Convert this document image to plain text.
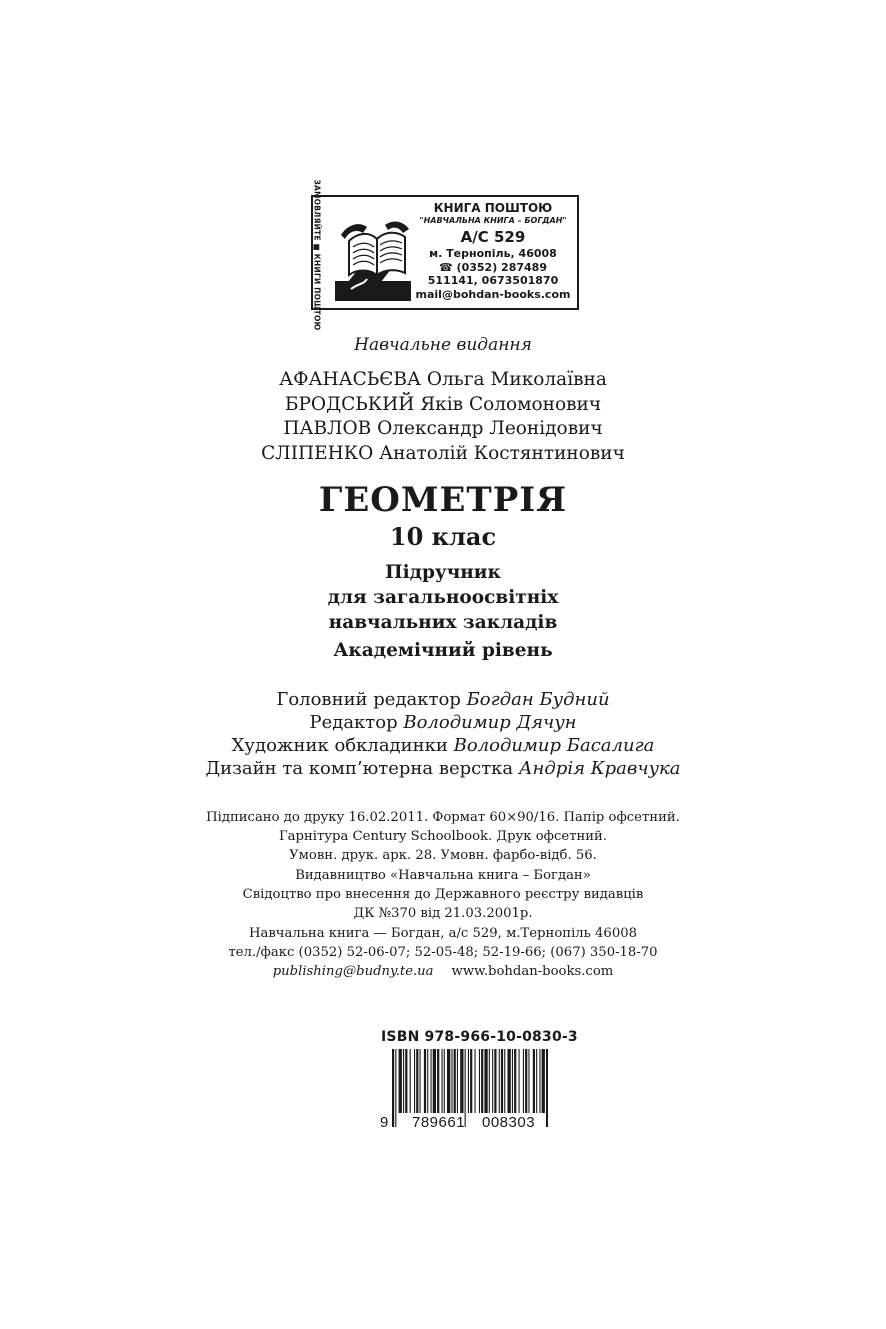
ЗАМОВЛЯЙТЕ ■ КНИГИ ПОШТОЮ	КНИГА ПОШТОЮ
"НАВЧАЛЬНА КНИГА – БОГДАН"
А/С 529
м. Тернопіль, 46008
☎ (0352) 287489
511141, 0673501870
mail@bohdan-books.com
Навчальне видання
АФАНАСЬЄВА Ольга Миколаївна
БРОДСЬКИЙ Яків Соломонович
ПАВЛОВ Олександр Леонідович
СЛІПЕНКО Анатолій Костянтинович
ГЕОМЕТРІЯ
10 клас
Підручник
для загальноосвітніх
навчальних закладів
Академічний рівень
Головний редактор Богдан Будний
Редактор Володимир Дячун
Художник обкладинки Володимир Басалига
Дизайн та комп’ютерна верстка Андрія Кравчука
Підписано до друку 16.02.2011. Формат 60×90/16. Папір офсетний.
Гарнітура Century Schoolbook. Друк офсетний.
Умовн. друк. арк. 28. Умовн. фарбо-відб. 56.
Видавництво «Навчальна книга – Богдан»
Свідоцтво про внесення до Державного реєстру видавців
ДК №370 від 21.03.2001р.
Навчальна книга — Богдан, а/с 529, м.Тернопіль 46008
тел./факс (0352) 52-06-07; 52-05-48; 52-19-66; (067) 350-18-70
publishing@budny.te.ua www.bohdan-books.com
ISBN 978-966-10-0830-3
9 789661 008303
